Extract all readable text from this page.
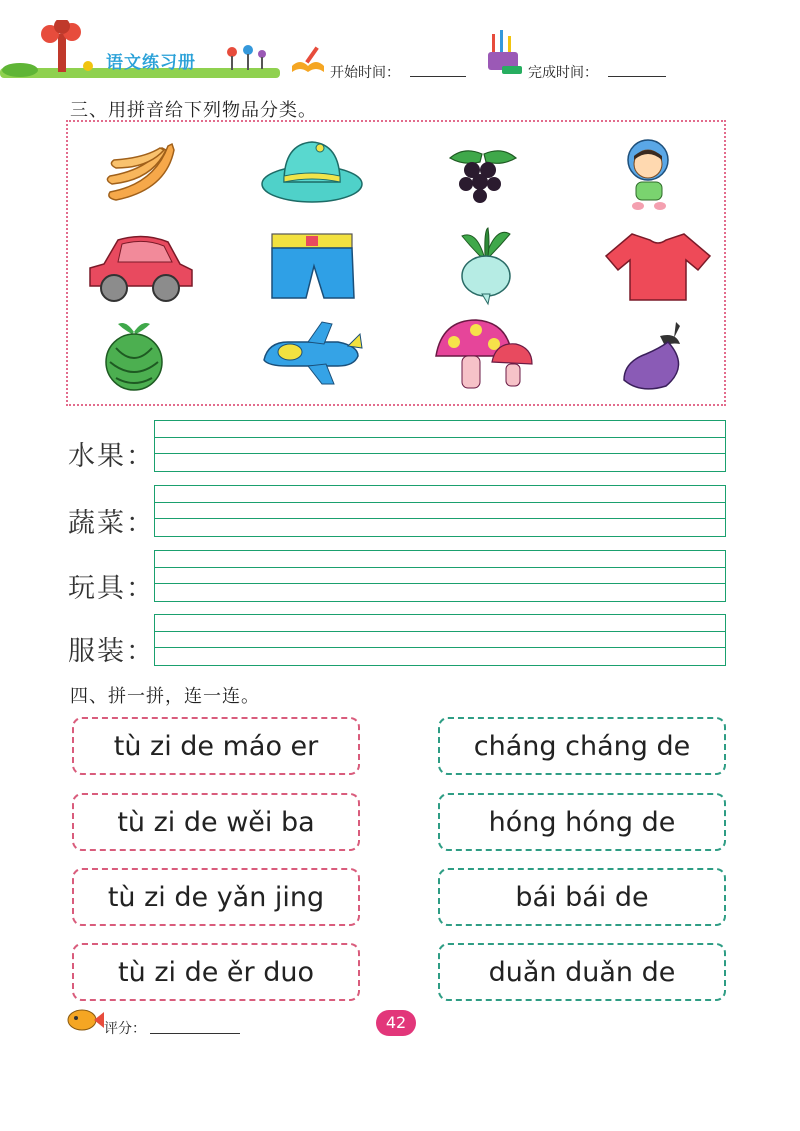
语文练习册	开始时间：	完成时间：
三、用拼音给下列物品分类。
水果：
蔬菜：
玩具：
服装：
四、拼一拼，连一连。
tù zi de máo er
tù zi de wěi ba
tù zi de yǎn jing
tù zi de ěr duo
cháng cháng de
hóng hóng de
bái bái de
duǎn duǎn de
评分：	42
